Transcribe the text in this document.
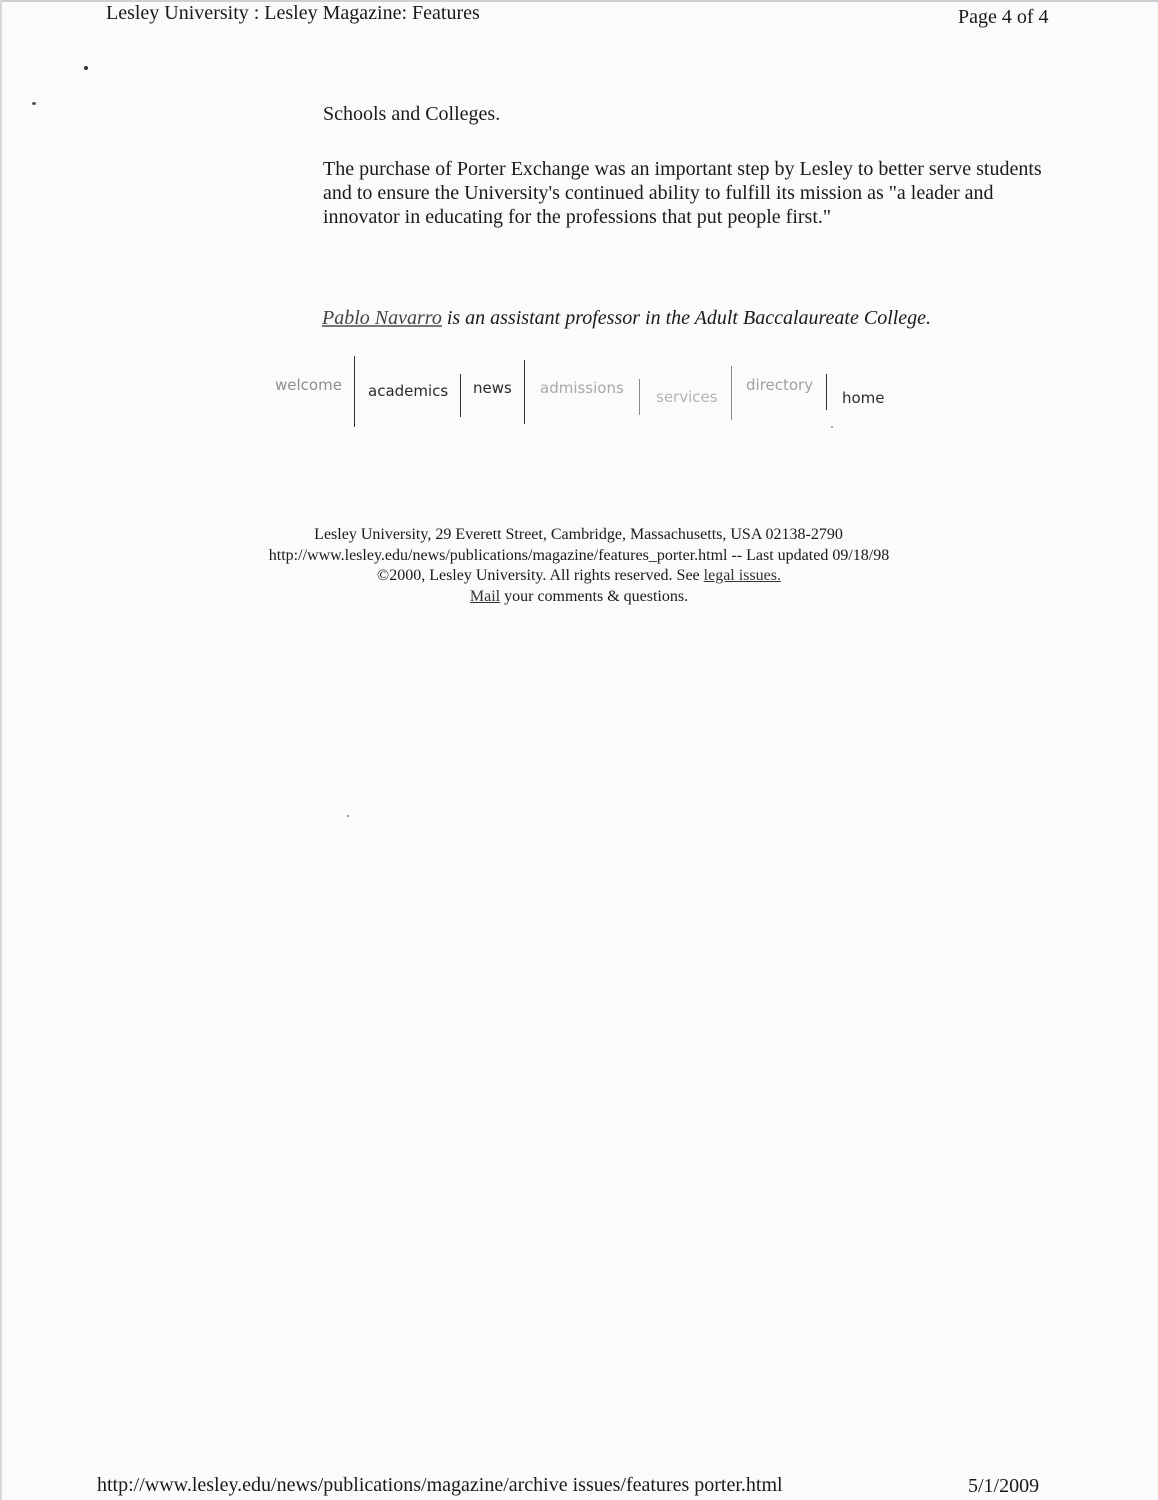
Lesley University : Lesley Magazine: Features	Page 4 of 4

Schools and Colleges.

The purchase of Porter Exchange was an important step by Lesley to better serve students and to ensure the University's continued ability to fulfill its mission as "a leader and innovator in educating for the professions that put people first."

Pablo Navarro is an assistant professor in the Adult Baccalaureate College.
welcome academics news admissions services
directory
home
Lesley University, 29 Everett Street, Cambridge, Massachusetts, USA 02138-2790
http://www.lesley.edu/news/publications/magazine/features_porter.html -- Last updated 09/18/98
©2000, Lesley University. All rights reserved. See legal issues.
Mail your comments & questions.
http://www.lesley.edu/news/publications/magazine/archive issues/features porter.html	5/1/2009
